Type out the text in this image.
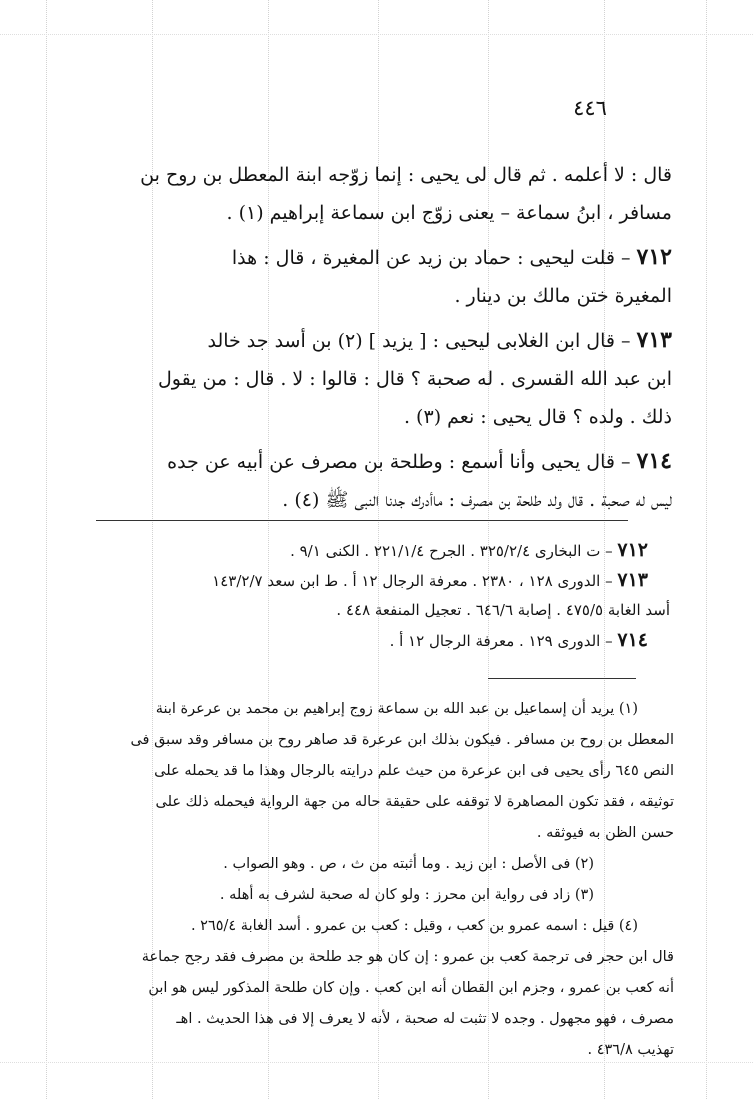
٤٤٦

قال : لا أعلمه . ثم قال لى يحيى : إنما زوّجه ابنة المعطل بن روح بن
مسافر ، ابنُ سماعة – يعنى زوّج ابن سماعة إبراهيم (١) .

٧١٢ – قلت ليحيى : حماد بن زيد عن المغيرة ، قال : هذا
المغيرة ختن مالك بن دينار .

٧١٣ – قال ابن الغلابى ليحيى : [ يزيد ] (٢) بن أسد جد خالد
ابن عبد الله القسرى . له صحبة ؟ قال : قالوا : لا . قال : من يقول
ذلك . ولده ؟ قال يحيى : نعم (٣) .

٧١٤ – قال يحيى وأنا أسمع : وطلحة بن مصرف عن أبيه عن جده
ليس له صحبة . قال ولد طلحة بن مصرف : ماأدرك جدنا النبى ﷺ (٤) .

٧١٢ – ت البخارى ٣٢٥/٢/٤ . الجرح ٢٢١/١/٤ . الكنى ٩/١ .
٧١٣ – الدورى ١٢٨ ، ٢٣٨٠ . معرفة الرجال ١٢ أ . ط ابن سعد ١٤٣/٢/٧
أسد الغابة ٤٧٥/٥ . إصابة ٦٤٦/٦ . تعجيل المنفعة ٤٤٨ .
٧١٤ – الدورى ١٢٩ . معرفة الرجال ١٢ أ .
(١) يريد أن إسماعيل بن عبد الله بن سماعة زوج إبراهيم بن محمد بن عرعرة ابنة
المعطل بن روح بن مسافر . فيكون بذلك ابن عرعرة قد صاهر روح بن مسافر وقد سبق فى
النص ٦٤٥ رأى يحيى فى ابن عرعرة من حيث علم درايته بالرجال وهذا ما قد يحمله على
توثيقه ، فقد تكون المصاهرة لا توقفه على حقيقة حاله من جهة الرواية فيحمله ذلك على
حسن الظن به فيوثقه .
(٢) فى الأصل : ابن زيد . وما أثبته من ث ، ص . وهو الصواب .
(٣) زاد فى رواية ابن محرز : ولو كان له صحبة لشرف به أهله .
(٤) قيل : اسمه عمرو بن كعب ، وقيل : كعب بن عمرو . أسد الغابة ٢٦٥/٤ .
قال ابن حجر فى ترجمة كعب بن عمرو : إن كان هو جد طلحة بن مصرف فقد رجح جماعة
أنه كعب بن عمرو ، وجزم ابن القطان أنه ابن كعب . وإن كان طلحة المذكور ليس هو ابن
مصرف ، فهو مجهول . وجده لا تثبت له صحبة ، لأنه لا يعرف إلا فى هذا الحديث . اهـ
تهذيب ٤٣٦/٨ .
